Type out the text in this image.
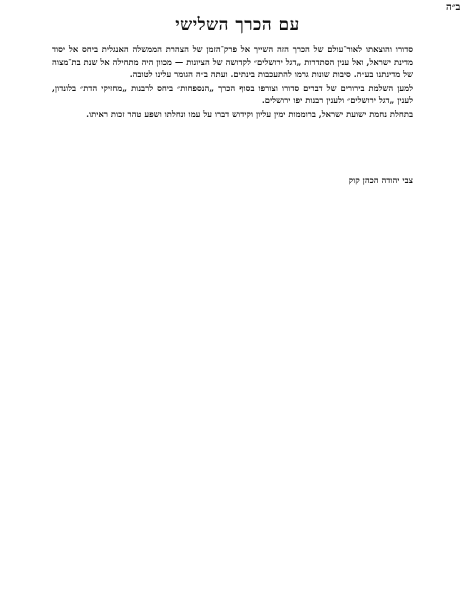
ב״ה
עם הכרך השלישי

סדורו והוצאתו לאור־עולם של הכרך הזה השייך אל פרק־הזמן של הצהרת הממשלה האנגלית ביחס אל יסוד מדינת ישראל, ואל ענין הסתדרות „דגל ירושלים״ לקדושה של הציונות — מכוון היה מתחילה אל שנת בת־מצוה של מדינתנו בע״ה. סיבות שונות גרמו להתעכבות בינתים. ועתה ב״ה הגומר עלינו לטובה.

למען השלמת בירורים של דברים סדורו וצורפו בסוף הכרך „הנספחות״ ביחס לרבנות „מחזיקי הדת״ בלונדון, לענין „דגל ירושלים״ ולענין רבנות יפו ירושלים.

בתחלת נחמת ישועת ישראל, ברוממות ימין עליון וקידוש דברו על עמו ונחלתו ושפע טהר זכות ראיתו.

צבי יהודה הכהן קוק
